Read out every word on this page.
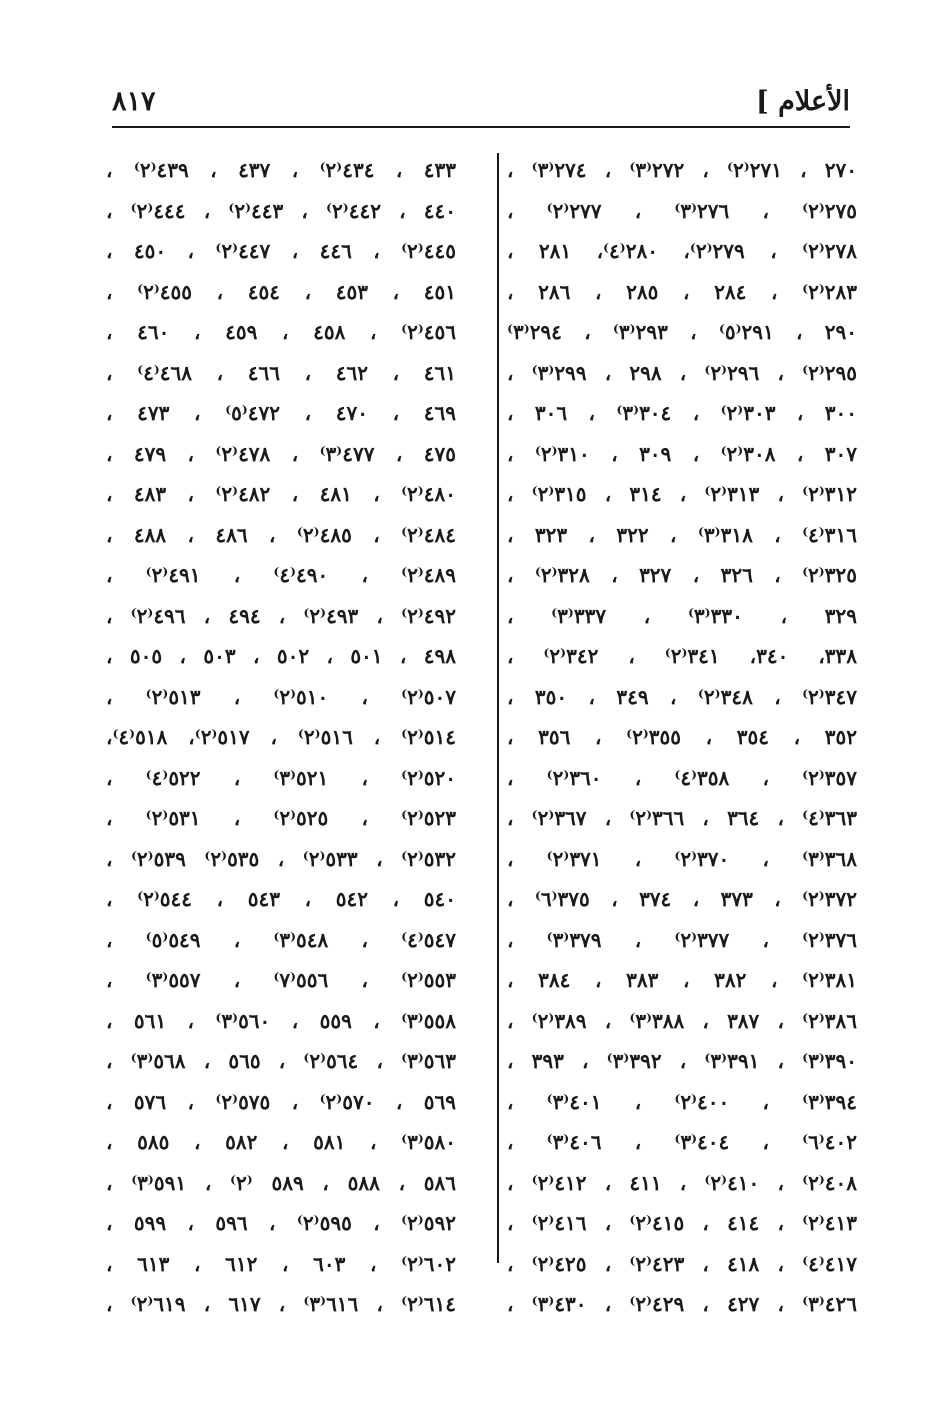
الأعلام ]
٨١٧
٢٧٠ ، ٢٧١⁽٢⁾ ، ٢٧٢⁽٣⁾ ، ٢٧٤⁽٣⁾ ،
٢٧٥⁽٢⁾ ، ٢٧٦⁽٣⁾ ، ٢٧٧⁽٢⁾ ،
٢٧٨⁽٢⁾ ، ٢٧٩⁽٢⁾، ٢٨٠⁽٤⁾، ٢٨١ ،
٢٨٣⁽٢⁾ ، ٢٨٤ ، ٢٨٥ ، ٢٨٦ ،
٢٩٠ ، ٢٩١⁽٥⁾ ، ٢٩٣⁽٣⁾ ، ٢٩٤⁽٣⁾
٢٩٥⁽٢⁾ ، ٢٩٦⁽٢⁾ ، ٢٩٨ ، ٢٩٩⁽٣⁾ ،
٣٠٠ ، ٣٠٣⁽٢⁾ ، ٣٠٤⁽٣⁾ ، ٣٠٦ ،
٣٠٧ ، ٣٠٨⁽٢⁾ ، ٣٠٩ ، ٣١٠⁽٢⁾ ،
٣١٢⁽٢⁾ ، ٣١٣⁽٢⁾ ، ٣١٤ ، ٣١٥⁽٢⁾ ،
٣١٦⁽٤⁾ ، ٣١٨⁽٣⁾ ، ٣٢٢ ، ٣٢٣ ،
٣٢٥⁽٢⁾ ، ٣٢٦ ، ٣٢٧ ، ٣٢٨⁽٢⁾ ،
٣٢٩ ، ٣٣٠⁽٣⁾ ، ٣٣٧⁽٣⁾ ،
٣٣٨، ٣٤٠، ٣٤١⁽٢⁾ ، ٣٤٢⁽٢⁾ ،
٣٤٧⁽٢⁾ ، ٣٤٨⁽٢⁾ ، ٣٤٩ ، ٣٥٠ ،
٣٥٢ ، ٣٥٤ ، ٣٥٥⁽٢⁾ ، ٣٥٦ ،
٣٥٧⁽٢⁾ ، ٣٥٨⁽٤⁾ ، ٣٦٠⁽٢⁾ ،
٣٦٣⁽٤⁾ ، ٣٦٤ ، ٣٦٦⁽٢⁾ ، ٣٦٧⁽٢⁾ ،
٣٦٨⁽٣⁾ ، ٣٧٠⁽٢⁾ ، ٣٧١⁽٢⁾ ،
٣٧٢⁽٢⁾ ، ٣٧٣ ، ٣٧٤ ، ٣٧٥⁽٦⁾ ،
٣٧٦⁽٢⁾ ، ٣٧٧⁽٢⁾ ، ٣٧٩⁽٣⁾ ،
٣٨١⁽٢⁾ ، ٣٨٢ ، ٣٨٣ ، ٣٨٤ ،
٣٨٦⁽٢⁾ ، ٣٨٧ ، ٣٨٨⁽٣⁾ ، ٣٨٩⁽٢⁾ ،
٣٩٠⁽٣⁾ ، ٣٩١⁽٣⁾ ، ٣٩٢⁽٣⁾ ، ٣٩٣ ،
٣٩٤⁽٣⁾ ، ٤٠٠⁽٢⁾ ، ٤٠١⁽٣⁾ ،
٤٠٢⁽٦⁾ ، ٤٠٤⁽٣⁾ ، ٤٠٦⁽٣⁾ ،
٤٠٨⁽٢⁾ ، ٤١٠⁽٢⁾ ، ٤١١ ، ٤١٢⁽٢⁾ ،
٤١٣⁽٢⁾ ، ٤١٤ ، ٤١٥⁽٢⁾ ، ٤١٦⁽٢⁾ ،
٤١٧⁽٤⁾ ، ٤١٨ ، ٤٢٣⁽٢⁾ ، ٤٢٥⁽٢⁾ ،
٤٢٦⁽٣⁾ ، ٤٢٧ ، ٤٢٩⁽٢⁾ ، ٤٣٠⁽٣⁾ ،
٤٣٣ ، ٤٣٤⁽٢⁾ ، ٤٣٧ ، ٤٣٩⁽٢⁾ ،
٤٤٠ ، ٤٤٢⁽٢⁾ ، ٤٤٣⁽٢⁾ ، ٤٤٤⁽٢⁾ ،
٤٤٥⁽٢⁾ ، ٤٤٦ ، ٤٤٧⁽٢⁾ ، ٤٥٠ ،
٤٥١ ، ٤٥٣ ، ٤٥٤ ، ٤٥٥⁽٢⁾ ،
٤٥٦⁽٢⁾ ، ٤٥٨ ، ٤٥٩ ، ٤٦٠ ،
٤٦١ ، ٤٦٢ ، ٤٦٦ ، ٤٦٨⁽٤⁾ ،
٤٦٩ ، ٤٧٠ ، ٤٧٢⁽٥⁾ ، ٤٧٣ ،
٤٧٥ ، ٤٧٧⁽٣⁾ ، ٤٧٨⁽٢⁾ ، ٤٧٩ ،
٤٨٠⁽٢⁾ ، ٤٨١ ، ٤٨٢⁽٢⁾ ، ٤٨٣ ،
٤٨٤⁽٢⁾ ، ٤٨٥⁽٢⁾ ، ٤٨٦ ، ٤٨٨ ،
٤٨٩⁽٢⁾ ، ٤٩٠⁽٤⁾ ، ٤٩١⁽٢⁾ ،
٤٩٢⁽٢⁾ ، ٤٩٣⁽٢⁾ ، ٤٩٤ ، ٤٩٦⁽٢⁾ ،
٤٩٨ ، ٥٠١ ، ٥٠٢ ، ٥٠٣ ، ٥٠٥ ،
٥٠٧⁽٢⁾ ، ٥١٠⁽٢⁾ ، ٥١٣⁽٢⁾ ،
٥١٤⁽٢⁾ ، ٥١٦⁽٢⁾ ، ٥١٧⁽٢⁾، ٥١٨⁽٤⁾،
٥٢٠⁽٢⁾ ، ٥٢١⁽٣⁾ ، ٥٢٢⁽٤⁾ ،
٥٢٣⁽٢⁾ ، ٥٢٥⁽٢⁾ ، ٥٣١⁽٢⁾ ،
٥٣٢⁽٢⁾ ، ٥٣٣⁽٢⁾ ، ٥٣٥⁽٢⁾ ٥٣٩⁽٢⁾ ،
٥٤٠ ، ٥٤٢ ، ٥٤٣ ، ٥٤٤⁽٢⁾ ،
٥٤٧⁽٤⁾ ، ٥٤٨⁽٣⁾ ، ٥٤٩⁽٥⁾ ،
٥٥٣⁽٢⁾ ، ٥٥٦⁽٧⁾ ، ٥٥٧⁽٣⁾ ،
٥٥٨⁽٣⁾ ، ٥٥٩ ، ٥٦٠⁽٣⁾ ، ٥٦١ ،
٥٦٣⁽٣⁾ ، ٥٦٤⁽٢⁾ ، ٥٦٥ ، ٥٦٨⁽٣⁾ ،
٥٦٩ ، ٥٧٠⁽٢⁾ ، ٥٧٥⁽٢⁾ ، ٥٧٦ ،
٥٨٠⁽٣⁾ ، ٥٨١ ، ٥٨٢ ، ٥٨٥ ،
٥٨٦ ، ٥٨٨ ، ٥٨٩ ⁽٢⁾ ، ٥٩١⁽٣⁾ ،
٥٩٢⁽٢⁾ ، ٥٩٥⁽٢⁾ ، ٥٩٦ ، ٥٩٩ ،
٦٠٢⁽٢⁾ ، ٦٠٣ ، ٦١٢ ، ٦١٣ ،
٦١٤⁽٢⁾ ، ٦١٦⁽٣⁾ ، ٦١٧ ، ٦١٩⁽٢⁾ ،
